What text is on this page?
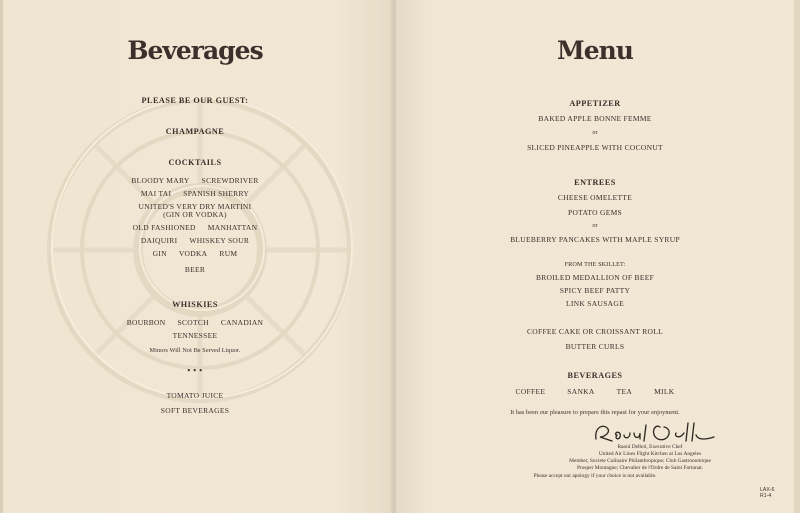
Beverages
PLEASE BE OUR GUEST:
CHAMPAGNE
COCKTAILS
BLOODY MARY SCREWDRIVER
MAI TAI SPANISH SHERRY
UNITED'S VERY DRY MARTINI
(GIN OR VODKA)
OLD FASHIONED MANHATTAN
DAIQUIRI WHISKEY SOUR
GIN VODKA RUM
BEER
WHISKIES
BOURBON SCOTCH CANADIAN
TENNESSEE
Minors Will Not Be Served Liquor.
• • •
TOMATO JUICE
SOFT BEVERAGES
Menu
APPETIZER
BAKED APPLE BONNE FEMME
or
SLICED PINEAPPLE WITH COCONUT
ENTREES
CHEESE OMELETTE
POTATO GEMS
or
BLUEBERRY PANCAKES WITH MAPLE SYRUP
FROM THE SKILLET:
BROILED MEDALLION OF BEEF
SPICY BEEF PATTY
LINK SAUSAGE
COFFEE CAKE OR CROISSANT ROLL
BUTTER CURLS
BEVERAGES
COFFEE	SANKA	TEA	MILK
It has been our pleasure to prepare this repast for your enjoyment.
Raoul Delbol, Executive Chef
United Air Lines Flight Kitchen at Los Angeles
Member, Societe Culinaire Philanthropique; Club Gastronomique
Prosper Montagne; Chevalier de l'Ordre de Saint Fortunat.
Please accept our apology if your choice is not available.
LAX-6
R1-4
